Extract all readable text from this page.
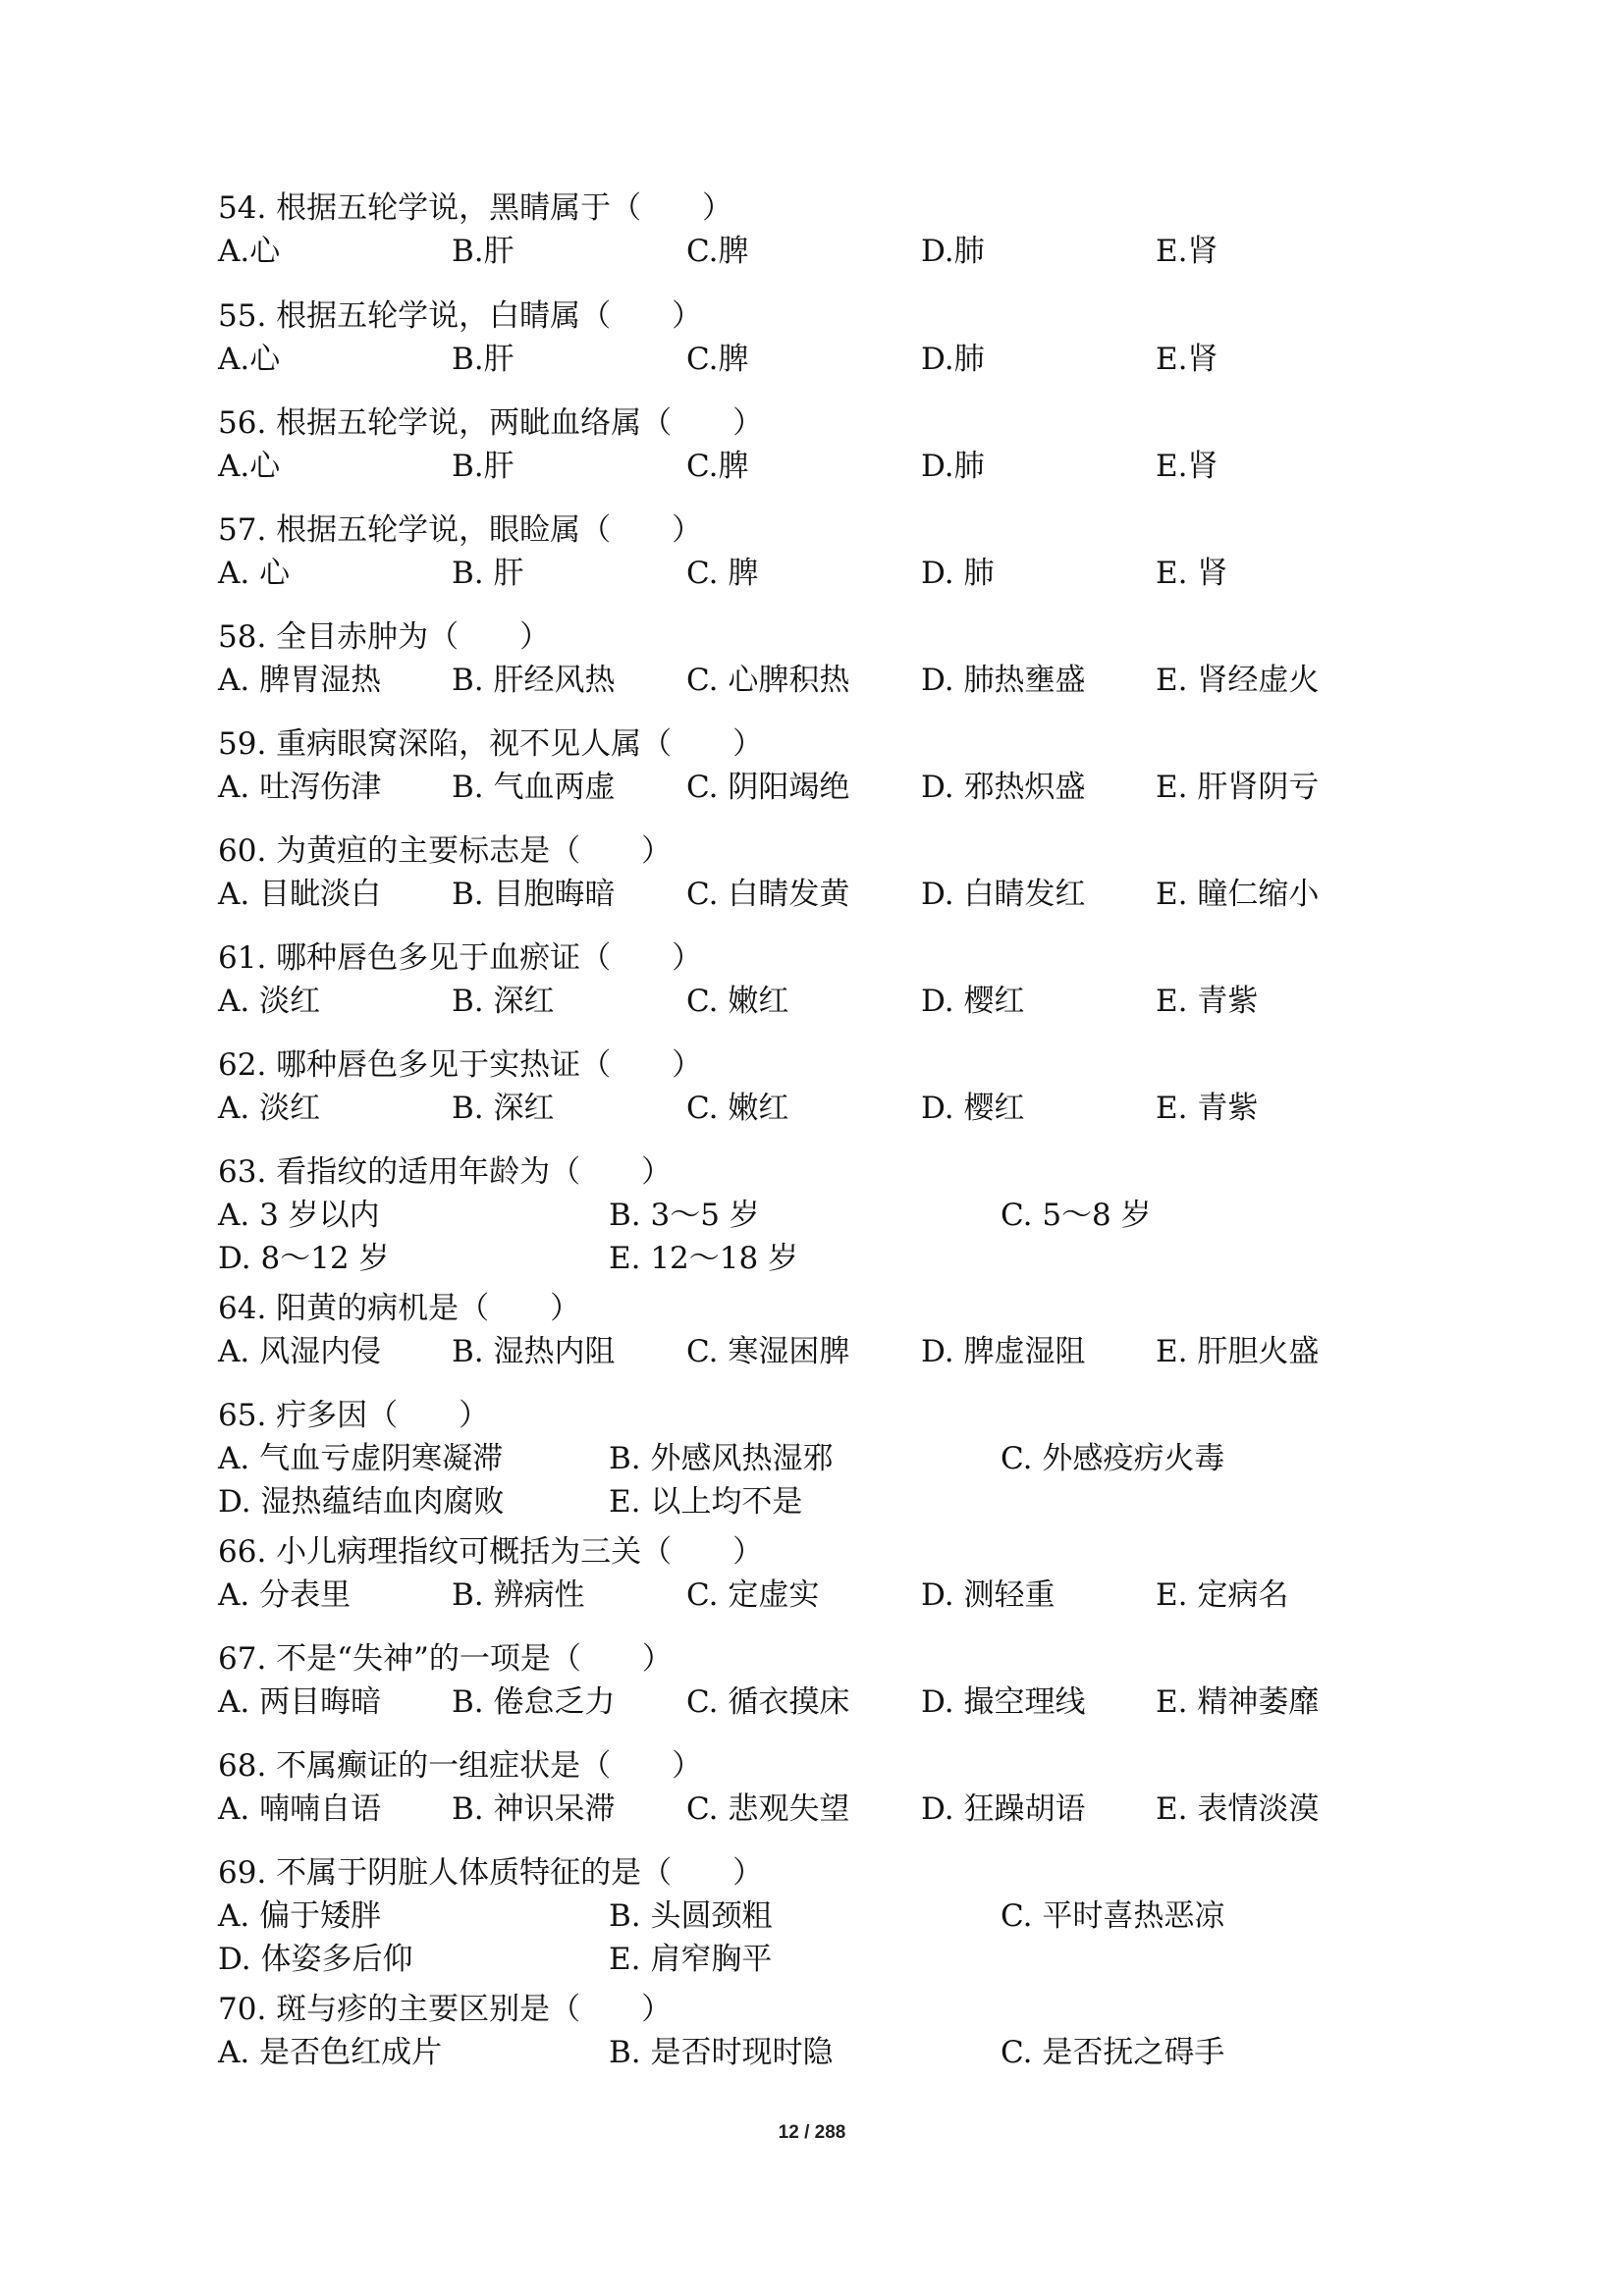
54. 根据五轮学说，黑睛属于（　　）
A.心	B.肝	C.脾	D.肺	E.肾
55. 根据五轮学说，白睛属（　　）
A.心	B.肝	C.脾	D.肺	E.肾
56. 根据五轮学说，两眦血络属（　　）
A.心	B.肝	C.脾	D.肺	E.肾
57. 根据五轮学说，眼睑属（　　）
A. 心	B. 肝	C. 脾	D. 肺	E. 肾
58. 全目赤肿为（　　）
A. 脾胃湿热 B. 肝经风热 C. 心脾积热 D. 肺热壅盛 E. 肾经虚火
59. 重病眼窝深陷，视不见人属（　　）
A. 吐泻伤津 B. 气血两虚 C. 阴阳竭绝 D. 邪热炽盛 E. 肝肾阴亏
60. 为黄疸的主要标志是（　　）
A. 目眦淡白 B. 目胞晦暗 C. 白睛发黄 D. 白睛发红 E. 瞳仁缩小
61. 哪种唇色多见于血瘀证（　　）
A. 淡红	B. 深红	C. 嫩红	D. 樱红	E. 青紫
62. 哪种唇色多见于实热证（　　）
A. 淡红	B. 深红	C. 嫩红	D. 樱红	E. 青紫
63. 看指纹的适用年龄为（　　）
A. 3 岁以内	B. 3～5 岁	C. 5～8 岁
D. 8～12 岁	E. 12～18 岁
64. 阳黄的病机是（　　）
A. 风湿内侵 B. 湿热内阻 C. 寒湿困脾 D. 脾虚湿阻 E. 肝胆火盛
65. 疔多因（　　）
A. 气血亏虚阴寒凝滞	B. 外感风热湿邪	C. 外感疫疠火毒
D. 湿热蕴结血肉腐败	E. 以上均不是
66. 小儿病理指纹可概括为三关（　　）
A. 分表里	B. 辨病性	C. 定虚实	D. 测轻重	E. 定病名
67. 不是“失神”的一项是（　　）
A. 两目晦暗 B. 倦怠乏力 C. 循衣摸床 D. 撮空理线 E. 精神萎靡
68. 不属癫证的一组症状是（　　）
A. 喃喃自语 B. 神识呆滞 C. 悲观失望 D. 狂躁胡语 E. 表情淡漠
69. 不属于阴脏人体质特征的是（　　）
A. 偏于矮胖	B. 头圆颈粗	C. 平时喜热恶凉
D. 体姿多后仰	E. 肩窄胸平
70. 斑与疹的主要区别是（　　）
A. 是否色红成片	B. 是否时现时隐	C. 是否抚之碍手
12 / 288
